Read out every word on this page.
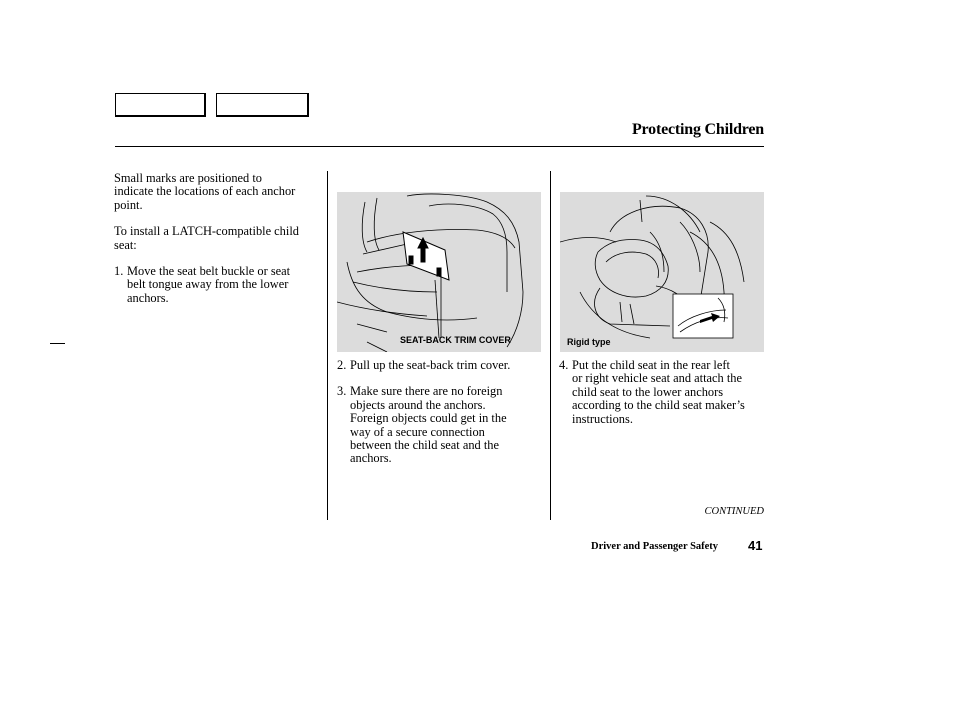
Protecting Children

Small marks are positioned to

indicate the locations of each anchor

point.

To install a LATCH-compatible child

seat:

1. Move the seat belt buckle or seat

belt tongue away from the lower

anchors.

SEAT-BACK TRIM COVER
2. Pull up the seat-back trim cover.

3. Make sure there are no foreign

objects around the anchors.

Foreign objects could get in the

way of a secure connection

between the child seat and the

anchors.

Rigid type
4. Put the child seat in the rear left

or right vehicle seat and attach the

child seat to the lower anchors

according to the child seat maker’s

instructions.

CONTINUED
Driver and Passenger Safety 41
